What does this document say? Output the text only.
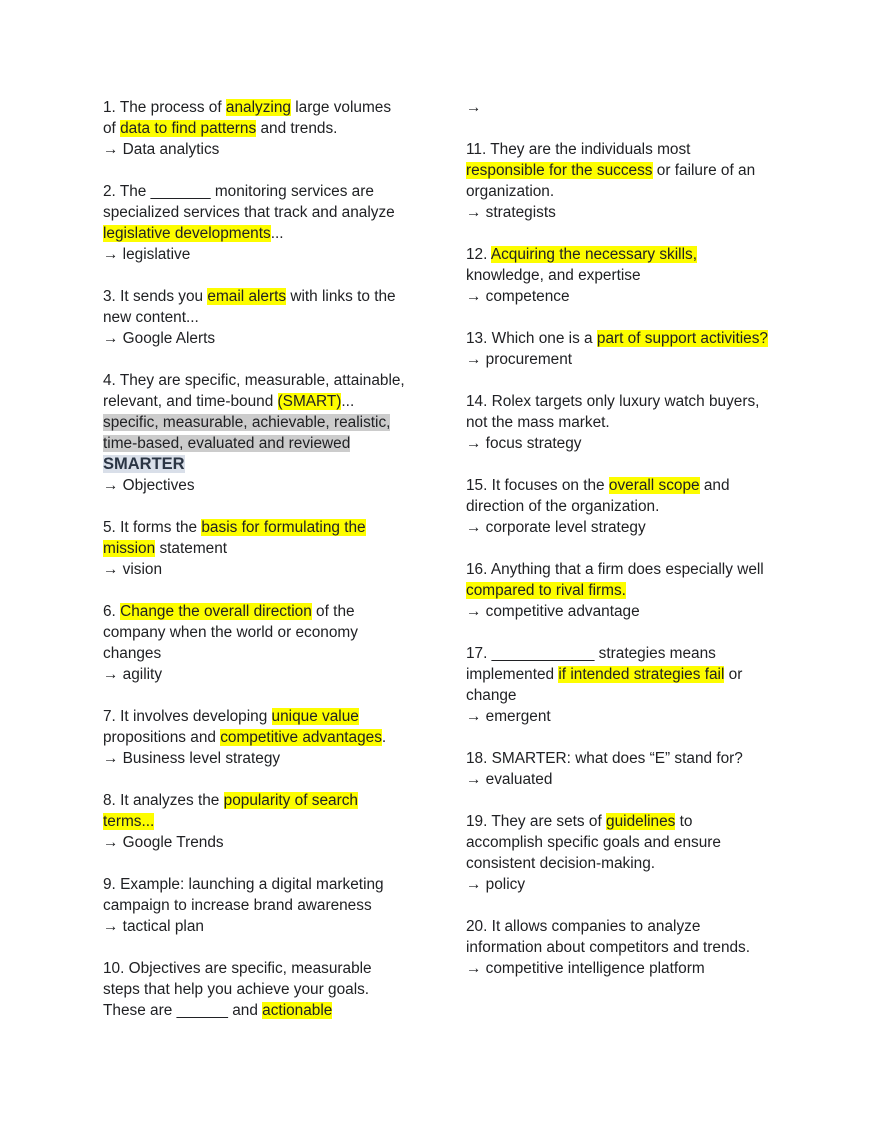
1. The process of analyzing large volumes
of data to find patterns and trends.
→ Data analytics
2. The _______ monitoring services are
specialized services that track and analyze
legislative developments...
→ legislative
3. It sends you email alerts with links to the
new content...
→ Google Alerts
4. They are specific, measurable, attainable,
relevant, and time-bound (SMART)...
specific, measurable, achievable, realistic,
time-based, evaluated and reviewed
SMARTER
→ Objectives
5. It forms the basis for formulating the
mission statement
→ vision
6. Change the overall direction of the
company when the world or economy
changes
→ agility
7. It involves developing unique value
propositions and competitive advantages.
→ Business level strategy
8. It analyzes the popularity of search
terms...
→ Google Trends
9. Example: launching a digital marketing
campaign to increase brand awareness
→ tactical plan
10. Objectives are specific, measurable
steps that help you achieve your goals.
These are ______ and actionable
→
11. They are the individuals most
responsible for the success or failure of an
organization.
→ strategists
12. Acquiring the necessary skills,
knowledge, and expertise
→ competence
13. Which one is a part of support activities?
→ procurement
14. Rolex targets only luxury watch buyers,
not the mass market.
→ focus strategy
15. It focuses on the overall scope and
direction of the organization.
→ corporate level strategy
16. Anything that a firm does especially well
compared to rival firms.
→ competitive advantage
17. ____________ strategies means
implemented if intended strategies fail or
change
→ emergent
18. SMARTER: what does “E” stand for?
→ evaluated
19. They are sets of guidelines to
accomplish specific goals and ensure
consistent decision-making.
→ policy
20. It allows companies to analyze
information about competitors and trends.
→ competitive intelligence platform
